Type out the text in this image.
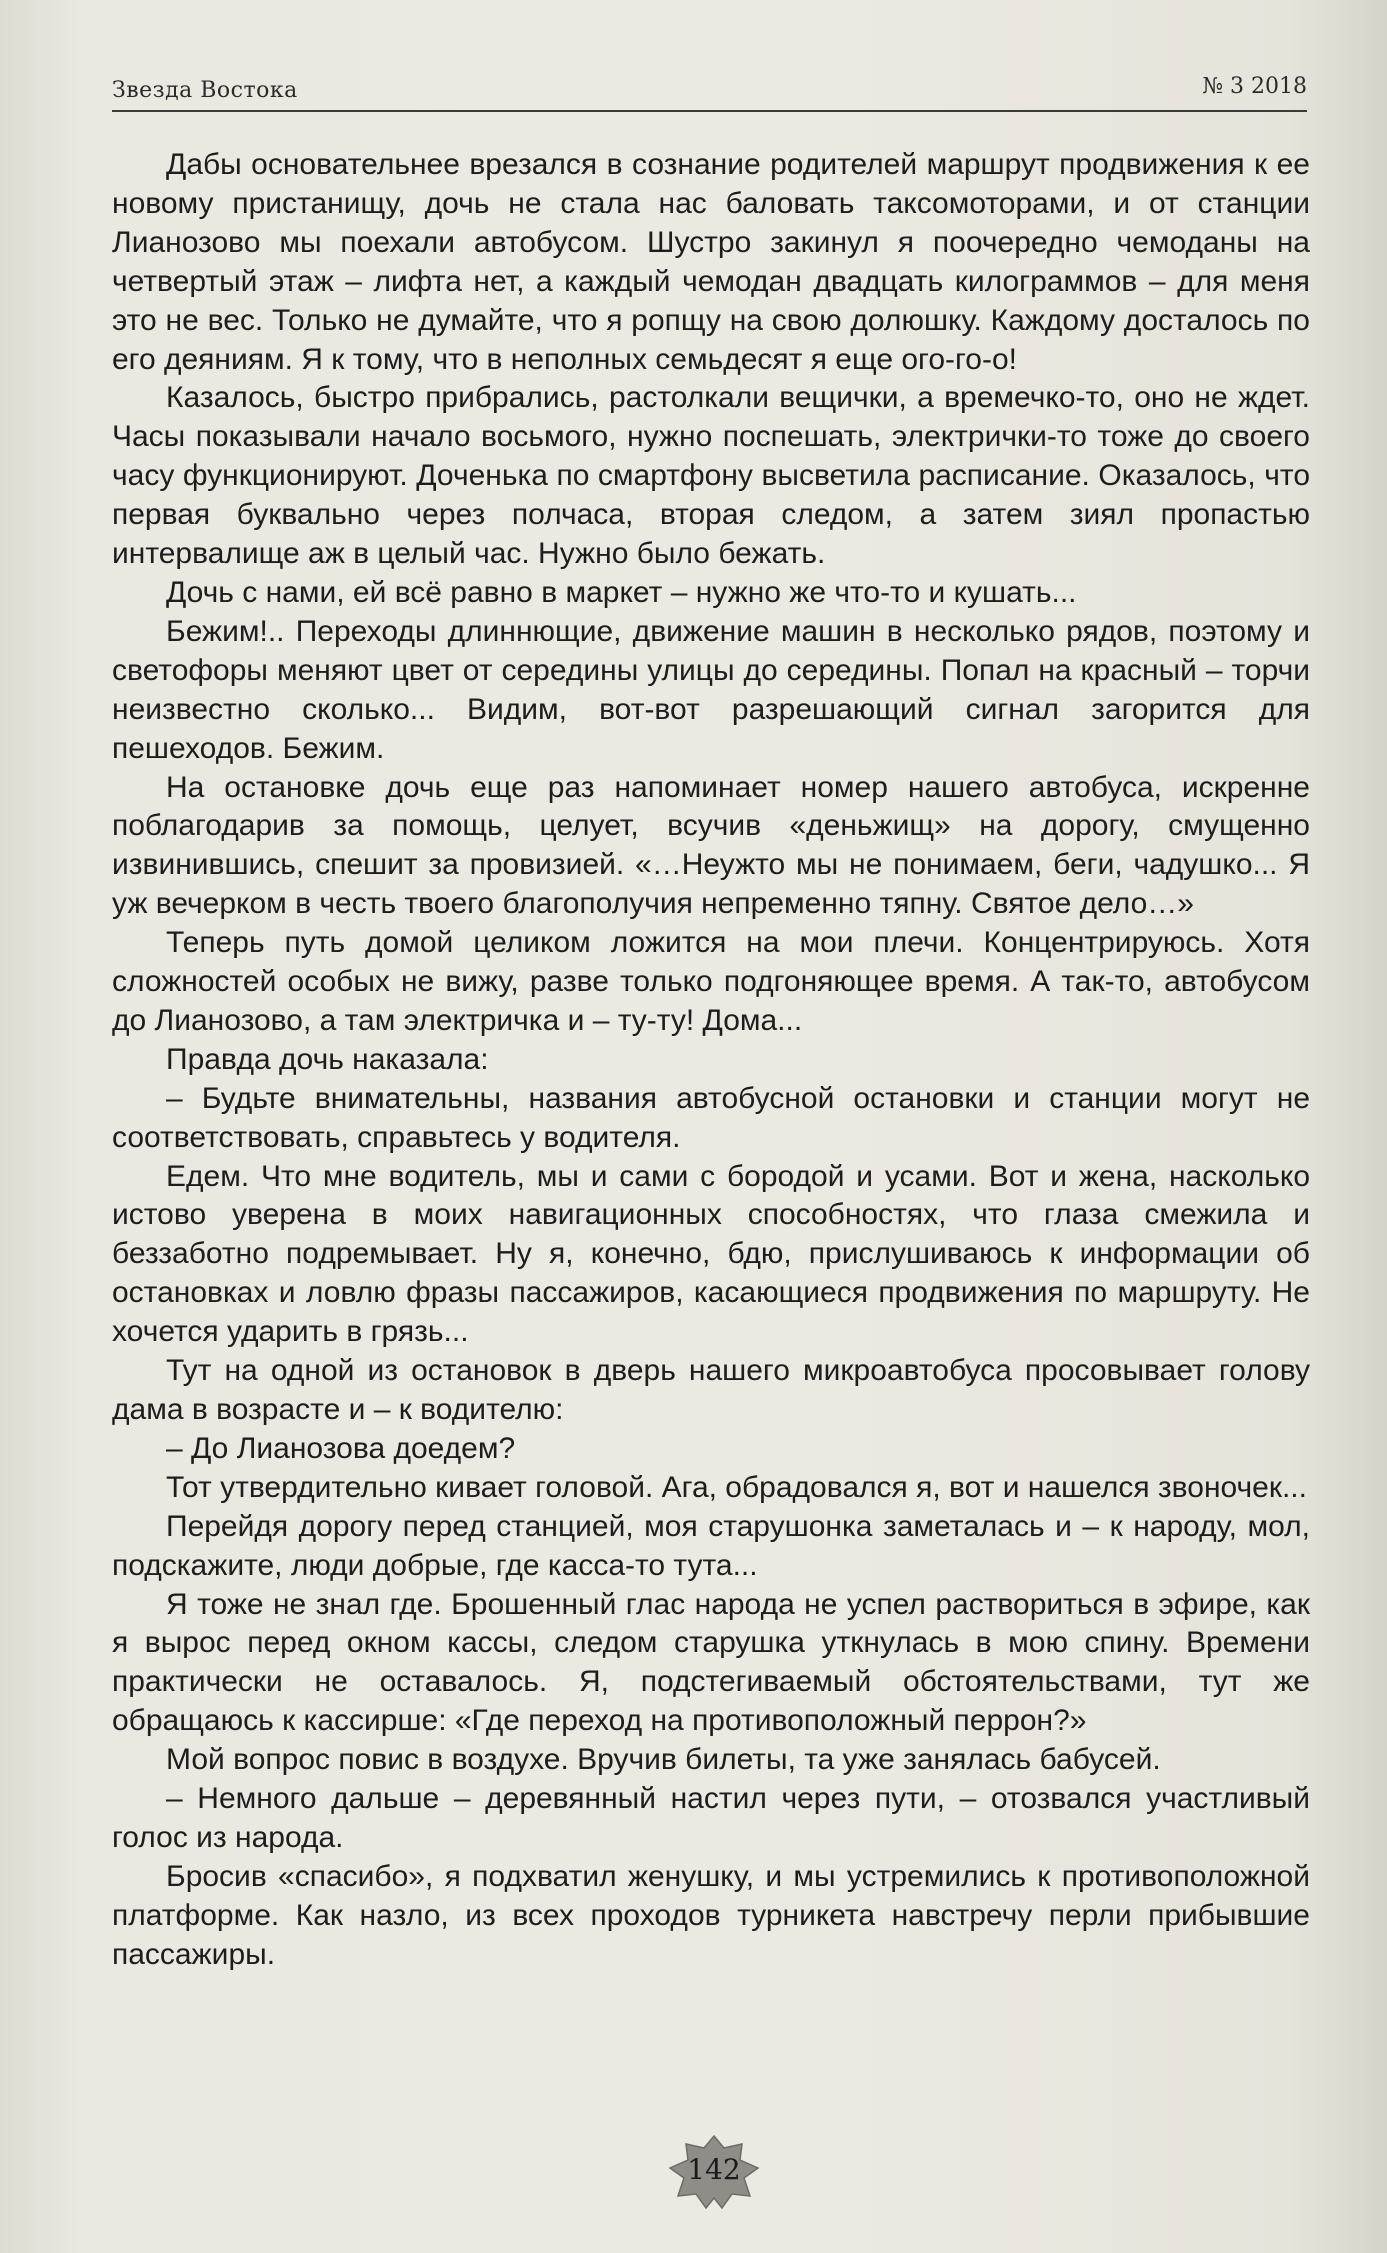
Звезда Востока	№ 3 2018

Дабы основательнее врезался в сознание родителей маршрут продвижения к ее новому пристанищу, дочь не стала нас баловать таксомоторами, и от станции Лианозово мы поехали автобусом. Шустро закинул я поочередно чемоданы на четвертый этаж – лифта нет, а каждый чемодан двадцать килограммов – для меня это не вес. Только не думайте, что я ропщу на свою долюшку. Каждому досталось по его деяниям. Я к тому, что в неполных семьдесят я еще ого-го-о!

Казалось, быстро прибрались, растолкали вещички, а времечко-то, оно не ждет. Часы показывали начало восьмого, нужно поспешать, электрички-то тоже до своего часу функционируют. Доченька по смартфону высветила расписание. Оказалось, что первая буквально через полчаса, вторая следом, а затем зиял пропастью интервалище аж в целый час. Нужно было бежать.

Дочь с нами, ей всё равно в маркет – нужно же что-то и кушать...

Бежим!.. Переходы длиннющие, движение машин в несколько рядов, поэтому и светофоры меняют цвет от середины улицы до середины. Попал на красный – торчи неизвестно сколько... Видим, вот-вот разрешающий сигнал загорится для пешеходов. Бежим.

На остановке дочь еще раз напоминает номер нашего автобуса, искренне поблагодарив за помощь, целует, всучив «деньжищ» на дорогу, смущенно извинившись, спешит за провизией. «…Неужто мы не понимаем, беги, чадушко... Я уж вечерком в честь твоего благополучия непременно тяпну. Святое дело…»

Теперь путь домой целиком ложится на мои плечи. Концентрируюсь. Хотя сложностей особых не вижу, разве только подгоняющее время. А так-то, автобусом до Лианозово, а там электричка и – ту-ту! Дома...

Правда дочь наказала:

– Будьте внимательны, названия автобусной остановки и станции могут не соответствовать, справьтесь у водителя.

Едем. Что мне водитель, мы и сами с бородой и усами. Вот и жена, насколько истово уверена в моих навигационных способностях, что глаза смежила и беззаботно подремывает. Ну я, конечно, бдю, прислушиваюсь к информации об остановках и ловлю фразы пассажиров, касающиеся продвижения по маршруту. Не хочется ударить в грязь...

Тут на одной из остановок в дверь нашего микроавтобуса просовывает голову дама в возрасте и – к водителю:

– До Лианозова доедем?

Тот утвердительно кивает головой. Ага, обрадовался я, вот и нашелся звоночек...

Перейдя дорогу перед станцией, моя старушонка заметалась и – к народу, мол, подскажите, люди добрые, где касса-то тута...

Я тоже не знал где. Брошенный глас народа не успел раствориться в эфире, как я вырос перед окном кассы, следом старушка уткнулась в мою спину. Времени практически не оставалось. Я, подстегиваемый обстоятельствами, тут же обращаюсь к кассирше: «Где переход на противоположный перрон?»

Мой вопрос повис в воздухе. Вручив билеты, та уже занялась бабусей.

– Немного дальше – деревянный настил через пути, – отозвался участливый голос из народа.

Бросив «спасибо», я подхватил женушку, и мы устремились к противоположной платформе. Как назло, из всех проходов турникета навстречу перли прибывшие пассажиры.

142
